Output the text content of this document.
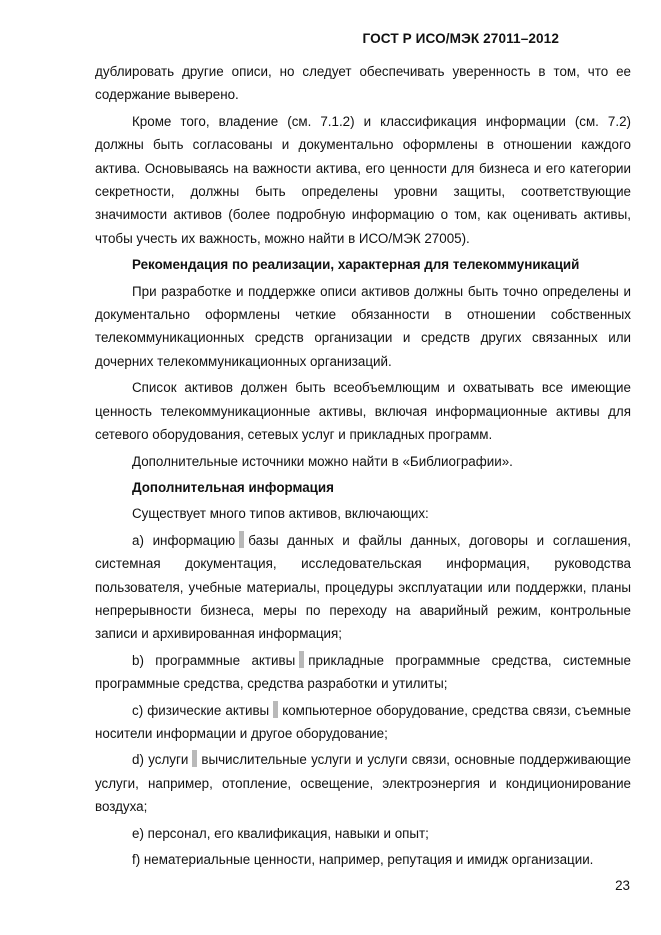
ГОСТ Р ИСО/МЭК 27011–2012

дублировать другие описи, но следует обеспечивать уверенность в том, что ее содержание выверено.

Кроме того, владение (см. 7.1.2) и классификация информации (см. 7.2) должны быть согласованы и документально оформлены в отношении каждого актива. Основываясь на важности актива, его ценности для бизнеса и его категории секретности, должны быть определены уровни защиты, соответствующие значимости активов (более подробную информацию о том, как оценивать активы, чтобы учесть их важность, можно найти в ИСО/МЭК 27005).

Рекомендация по реализации, характерная для телекоммуникаций

При разработке и поддержке описи активов должны быть точно определены и документально оформлены четкие обязанности в отношении собственных телекоммуникационных средств организации и средств других связанных или дочерних телекоммуникационных организаций.

Список активов должен быть всеобъемлющим и охватывать все имеющие ценность телекоммуникационные активы, включая информационные активы для сетевого оборудования, сетевых услуг и прикладных программ.

Дополнительные источники можно найти в «Библиографии».

Дополнительная информация

Существует много типов активов, включающих:

а) информацию базы данных и файлы данных, договоры и соглашения, системная документация, исследовательская информация, руководства пользователя, учебные материалы, процедуры эксплуатации или поддержки, планы непрерывности бизнеса, меры по переходу на аварийный режим, контрольные записи и архивированная информация;

b) программные активы прикладные программные средства, системные программные средства, средства разработки и утилиты;

с) физические активы компьютерное оборудование, средства связи, съемные носители информации и другое оборудование;

d) услуги вычислительные услуги и услуги связи, основные поддерживающие услуги, например, отопление, освещение, электроэнергия и кондиционирование воздуха;

е) персонал, его квалификация, навыки и опыт;

f) нематериальные ценности, например, репутация и имидж организации.

23
